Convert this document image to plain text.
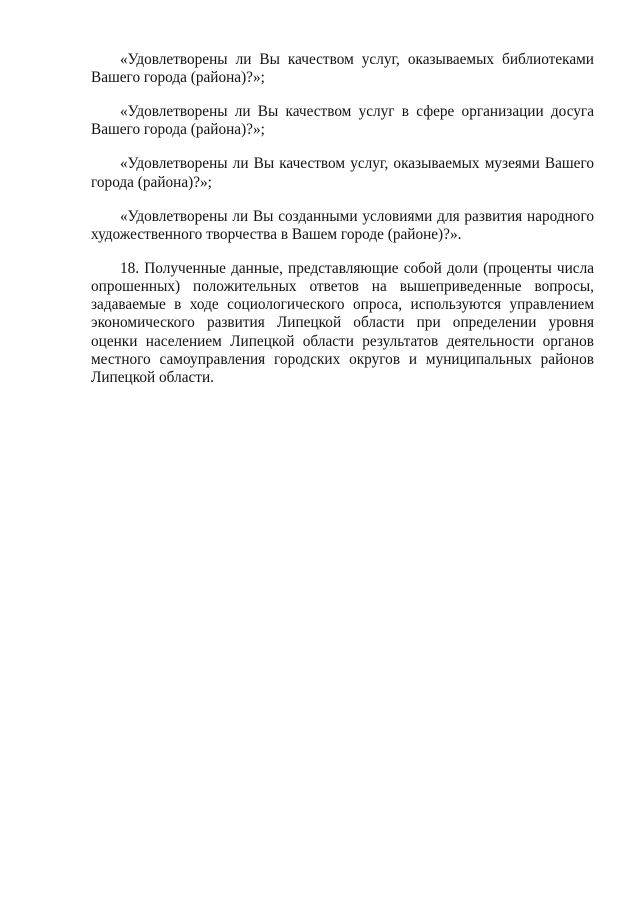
«Удовлетворены ли Вы качеством услуг, оказываемых библиотеками Вашего города (района)?»;

«Удовлетворены ли Вы качеством услуг в сфере организации досуга Вашего города (района)?»;

«Удовлетворены ли Вы качеством услуг, оказываемых музеями Вашего города (района)?»;

«Удовлетворены ли Вы созданными условиями для развития народного художественного творчества в Вашем городе (районе)?».

18. Полученные данные, представляющие собой доли (проценты числа опрошенных) положительных ответов на вышеприведенные вопросы, задаваемые в ходе социологического опроса, используются управлением экономического развития Липецкой области при определении уровня оценки населением Липецкой области результатов деятельности органов местного самоуправления городских округов и муниципальных районов Липецкой области.
